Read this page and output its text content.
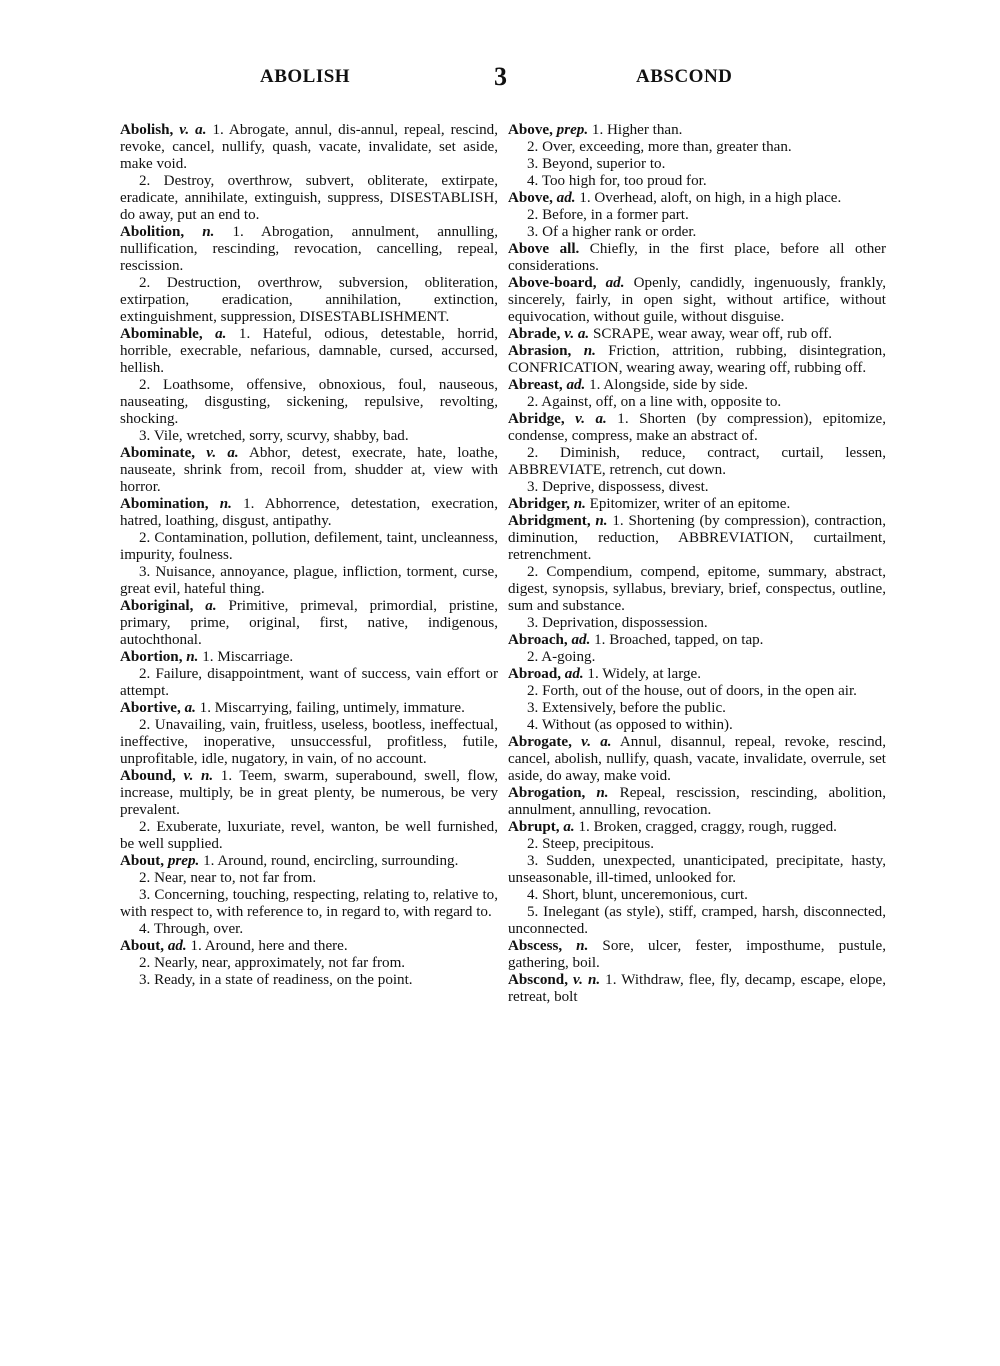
ABOLISH	3	ABSCOND

Abolish, v. a. 1. Abrogate, annul, dis-annul, repeal, rescind, revoke, cancel, nullify, quash, vacate, invalidate, set aside, make void.

2. Destroy, overthrow, subvert, obliterate, extirpate, eradicate, annihilate, extinguish, suppress, DISESTABLISH, do away, put an end to.

Abolition, n. 1. Abrogation, annulment, annulling, nullification, rescinding, revocation, cancelling, repeal, rescission.

2. Destruction, overthrow, subversion, obliteration, extirpation, eradication, annihilation, extinction, extinguishment, suppression, DISESTABLISHMENT.

Abominable, a. 1. Hateful, odious, detestable, horrid, horrible, execrable, nefarious, damnable, cursed, accursed, hellish.

2. Loathsome, offensive, obnoxious, foul, nauseous, nauseating, disgusting, sickening, repulsive, revolting, shocking.

3. Vile, wretched, sorry, scurvy, shabby, bad.

Abominate, v. a. Abhor, detest, execrate, hate, loathe, nauseate, shrink from, recoil from, shudder at, view with horror.

Abomination, n. 1. Abhorrence, detestation, execration, hatred, loathing, disgust, antipathy.

2. Contamination, pollution, defilement, taint, uncleanness, impurity, foulness.

3. Nuisance, annoyance, plague, infliction, torment, curse, great evil, hateful thing.

Aboriginal, a. Primitive, primeval, primordial, pristine, primary, prime, original, first, native, indigenous, autochthonal.

Abortion, n. 1. Miscarriage.

2. Failure, disappointment, want of success, vain effort or attempt.

Abortive, a. 1. Miscarrying, failing, untimely, immature.

2. Unavailing, vain, fruitless, useless, bootless, ineffectual, ineffective, inoperative, unsuccessful, profitless, futile, unprofitable, idle, nugatory, in vain, of no account.

Abound, v. n. 1. Teem, swarm, superabound, swell, flow, increase, multiply, be in great plenty, be numerous, be very prevalent.

2. Exuberate, luxuriate, revel, wanton, be well furnished, be well supplied.

About, prep. 1. Around, round, encircling, surrounding.

2. Near, near to, not far from.

3. Concerning, touching, respecting, relating to, relative to, with respect to, with reference to, in regard to, with regard to.

4. Through, over.

About, ad. 1. Around, here and there.

2. Nearly, near, approximately, not far from.

3. Ready, in a state of readiness, on the point.

Above, prep. 1. Higher than.

2. Over, exceeding, more than, greater than.

3. Beyond, superior to.

4. Too high for, too proud for.

Above, ad. 1. Overhead, aloft, on high, in a high place.

2. Before, in a former part.

3. Of a higher rank or order.

Above all. Chiefly, in the first place, before all other considerations.

Above-board, ad. Openly, candidly, ingenuously, frankly, sincerely, fairly, in open sight, without artifice, without equivocation, without guile, without disguise.

Abrade, v. a. SCRAPE, wear away, wear off, rub off.

Abrasion, n. Friction, attrition, rubbing, disintegration, CONFRICATION, wearing away, wearing off, rubbing off.

Abreast, ad. 1. Alongside, side by side.

2. Against, off, on a line with, opposite to.

Abridge, v. a. 1. Shorten (by compression), epitomize, condense, compress, make an abstract of.

2. Diminish, reduce, contract, curtail, lessen, ABBREVIATE, retrench, cut down.

3. Deprive, dispossess, divest.

Abridger, n. Epitomizer, writer of an epitome.

Abridgment, n. 1. Shortening (by compression), contraction, diminution, reduction, ABBREVIATION, curtailment, retrenchment.

2. Compendium, compend, epitome, summary, abstract, digest, synopsis, syllabus, breviary, brief, conspectus, outline, sum and substance.

3. Deprivation, dispossession.

Abroach, ad. 1. Broached, tapped, on tap.

2. A-going.

Abroad, ad. 1. Widely, at large.

2. Forth, out of the house, out of doors, in the open air.

3. Extensively, before the public.

4. Without (as opposed to within).

Abrogate, v. a. Annul, disannul, repeal, revoke, rescind, cancel, abolish, nullify, quash, vacate, invalidate, overrule, set aside, do away, make void.

Abrogation, n. Repeal, rescission, rescinding, abolition, annulment, annulling, revocation.

Abrupt, a. 1. Broken, cragged, craggy, rough, rugged.

2. Steep, precipitous.

3. Sudden, unexpected, unanticipated, precipitate, hasty, unseasonable, ill-timed, unlooked for.

4. Short, blunt, unceremonious, curt.

5. Inelegant (as style), stiff, cramped, harsh, disconnected, unconnected.

Abscess, n. Sore, ulcer, fester, imposthume, pustule, gathering, boil.

Abscond, v. n. 1. Withdraw, flee, fly, decamp, escape, elope, retreat, bolt
